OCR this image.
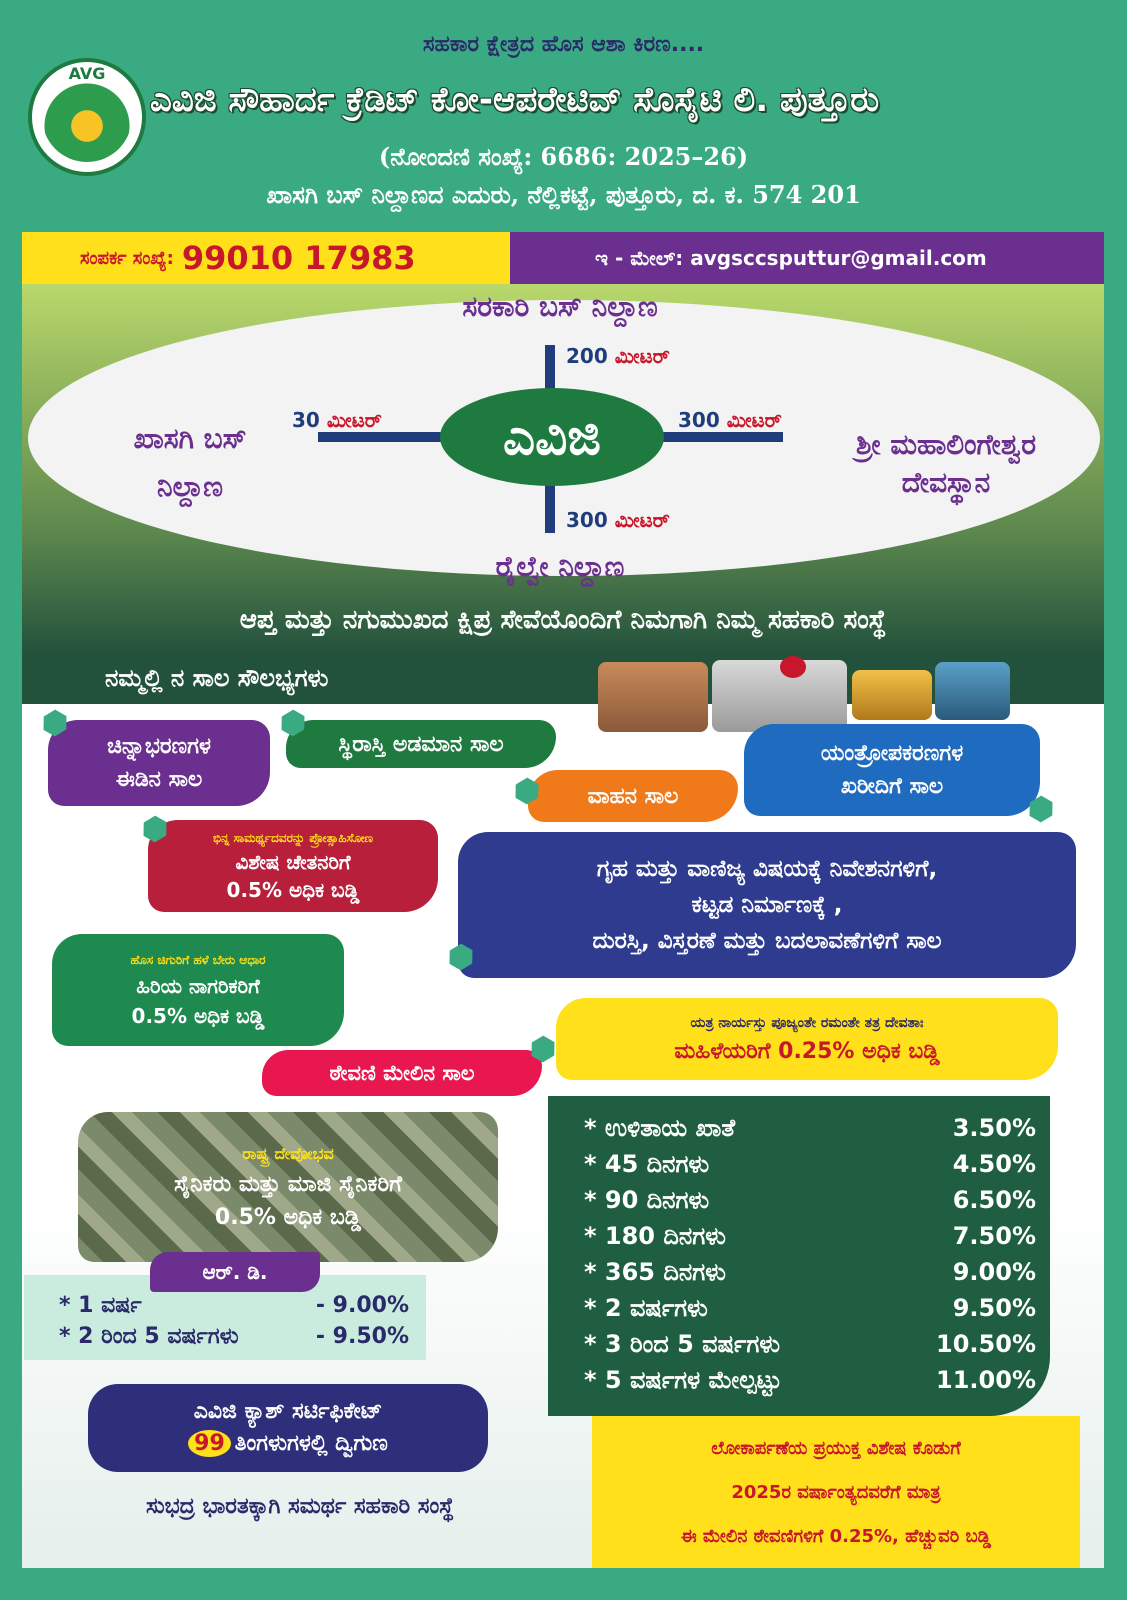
ಸಹಕಾರ ಕ್ಷೇತ್ರದ ಹೊಸ ಆಶಾ ಕಿರಣ....
AVG
ಎವಿಜಿ ಸೌಹಾರ್ದ ಕ್ರೆಡಿಟ್ ಕೋ-ಆಪರೇಟಿವ್ ಸೊಸೈಟಿ ಲಿ. ಪುತ್ತೂರು
(ನೋಂದಣಿ ಸಂಖ್ಯೆ: 6686: 2025–26)
ಖಾಸಗಿ ಬಸ್ ನಿಲ್ದಾಣದ ಎದುರು, ನೆಲ್ಲಿಕಟ್ಟೆ, ಪುತ್ತೂರು, ದ. ಕ. 574 201
ಸಂಪರ್ಕ ಸಂಖ್ಯೆ: 99010 17983	ಇ - ಮೇಲ್: avgsccsputtur@gmail.com
ಎವಿಜಿ
ಸರಕಾರಿ ಬಸ್ ನಿಲ್ದಾಣ
200 ಮೀಟರ್
ಖಾಸಗಿ ಬಸ್
ನಿಲ್ದಾಣ
30 ಮೀಟರ್
ಶ್ರೀ ಮಹಾಲಿಂಗೇಶ್ವರ
ದೇವಸ್ಥಾನ
300 ಮೀಟರ್
300 ಮೀಟರ್
ರೈಲ್ವೇ ನಿಲ್ದಾಣ
ಆಪ್ತ ಮತ್ತು ನಗುಮುಖದ ಕ್ಷಿಪ್ರ ಸೇವೆಯೊಂದಿಗೆ ನಿಮಗಾಗಿ ನಿಮ್ಮ ಸಹಕಾರಿ ಸಂಸ್ಥೆ
ನಮ್ಮಲ್ಲಿ ನ ಸಾಲ ಸೌಲಭ್ಯಗಳು
ಚಿನ್ನಾಭರಣಗಳ
ಈಡಿನ ಸಾಲ
ಸ್ಥಿರಾಸ್ತಿ ಅಡಮಾನ ಸಾಲ
ವಾಹನ ಸಾಲ
ಯಂತ್ರೋಪಕರಣಗಳ
ಖರೀದಿಗೆ ಸಾಲ
ಭಿನ್ನ ಸಾಮರ್ಥ್ಯದವರನ್ನು ಪ್ರೋತ್ಸಾಹಿಸೋಣ
ವಿಶೇಷ ಚೇತನರಿಗೆ
0.5% ಅಧಿಕ ಬಡ್ಡಿ
ಗೃಹ ಮತ್ತು ವಾಣಿಜ್ಯ ವಿಷಯಕ್ಕೆ ನಿವೇಶನಗಳಿಗೆ,
ಕಟ್ಟಡ ನಿರ್ಮಾಣಕ್ಕೆ ,
ದುರಸ್ತಿ, ವಿಸ್ತರಣೆ ಮತ್ತು ಬದಲಾವಣೆಗಳಿಗೆ ಸಾಲ
ಹೊಸ ಚಿಗುರಿಗೆ ಹಳೆ ಬೇರು ಆಧಾರ
ಹಿರಿಯ ನಾಗರಿಕರಿಗೆ
0.5% ಅಧಿಕ ಬಡ್ಡಿ	ಯತ್ರ ನಾರ್ಯಸ್ತು ಪೂಜ್ಯಂತೇ ರಮಂತೇ ತತ್ರ ದೇವತಾಃ
ಮಹಿಳೆಯರಿಗೆ 0.25% ಅಧಿಕ ಬಡ್ಡಿ
ಠೇವಣಿ ಮೇಲಿನ ಸಾಲ
ರಾಷ್ಟ್ರ ದೇವೋಭವ
ಸೈನಿಕರು ಮತ್ತು ಮಾಜಿ ಸೈನಿಕರಿಗೆ
0.5% ಅಧಿಕ ಬಡ್ಡಿ
* 1 ವರ್ಷ	- 9.00%
* 2 ರಿಂದ 5 ವರ್ಷಗಳು	- 9.50%
ಆರ್. ಡಿ.
* ಉಳಿತಾಯ ಖಾತೆ	3.50%
* 45 ದಿನಗಳು	4.50%
* 90 ದಿನಗಳು	6.50%
* 180 ದಿನಗಳು	7.50%
* 365 ದಿನಗಳು	9.00%
* 2 ವರ್ಷಗಳು	9.50%
* 3 ರಿಂದ 5 ವರ್ಷಗಳು	10.50%
* 5 ವರ್ಷಗಳ ಮೇಲ್ಪಟ್ಟು	11.00%
ಎವಿಜಿ ಕ್ಯಾಶ್ ಸರ್ಟಿಫಿಕೇಟ್
99 ತಿಂಗಳುಗಳಲ್ಲಿ ದ್ವಿಗುಣ
ಸುಭದ್ರ ಭಾರತಕ್ಕಾಗಿ ಸಮರ್ಥ ಸಹಕಾರಿ ಸಂಸ್ಥೆ
ಲೋಕಾರ್ಪಣೆಯ ಪ್ರಯುಕ್ತ ವಿಶೇಷ ಕೊಡುಗೆ
2025ರ ವರ್ಷಾಂತ್ಯದವರೆಗೆ ಮಾತ್ರ
ಈ ಮೇಲಿನ ಠೇವಣಿಗಳಿಗೆ 0.25%, ಹೆಚ್ಚುವರಿ ಬಡ್ಡಿ
